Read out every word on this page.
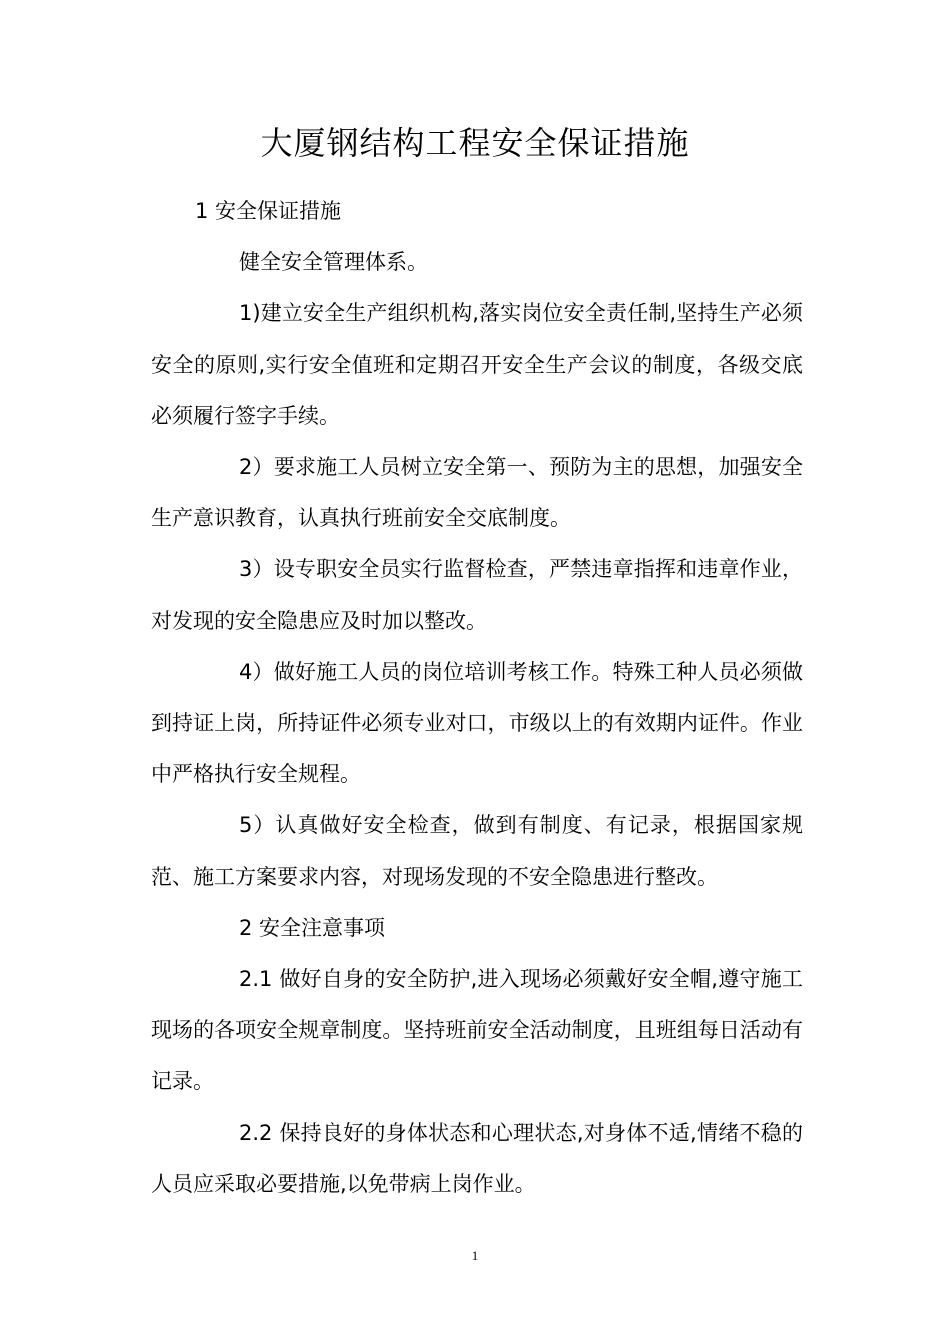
大厦钢结构工程安全保证措施

1 安全保证措施

健全安全管理体系。

1)建立安全生产组织机构,落实岗位安全责任制,坚持生产必须安全的原则,实行安全值班和定期召开安全生产会议的制度，各级交底必须履行签字手续。

2）要求施工人员树立安全第一、预防为主的思想，加强安全生产意识教育，认真执行班前安全交底制度。

3）设专职安全员实行监督检查，严禁违章指挥和违章作业，对发现的安全隐患应及时加以整改。

4）做好施工人员的岗位培训考核工作。特殊工种人员必须做到持证上岗，所持证件必须专业对口，市级以上的有效期内证件。作业中严格执行安全规程。

5）认真做好安全检查，做到有制度、有记录，根据国家规范、施工方案要求内容，对现场发现的不安全隐患进行整改。

2 安全注意事项

2.1 做好自身的安全防护,进入现场必须戴好安全帽,遵守施工现场的各项安全规章制度。坚持班前安全活动制度，且班组每日活动有记录。

2.2 保持良好的身体状态和心理状态,对身体不适,情绪不稳的人员应采取必要措施,以免带病上岗作业。

1
